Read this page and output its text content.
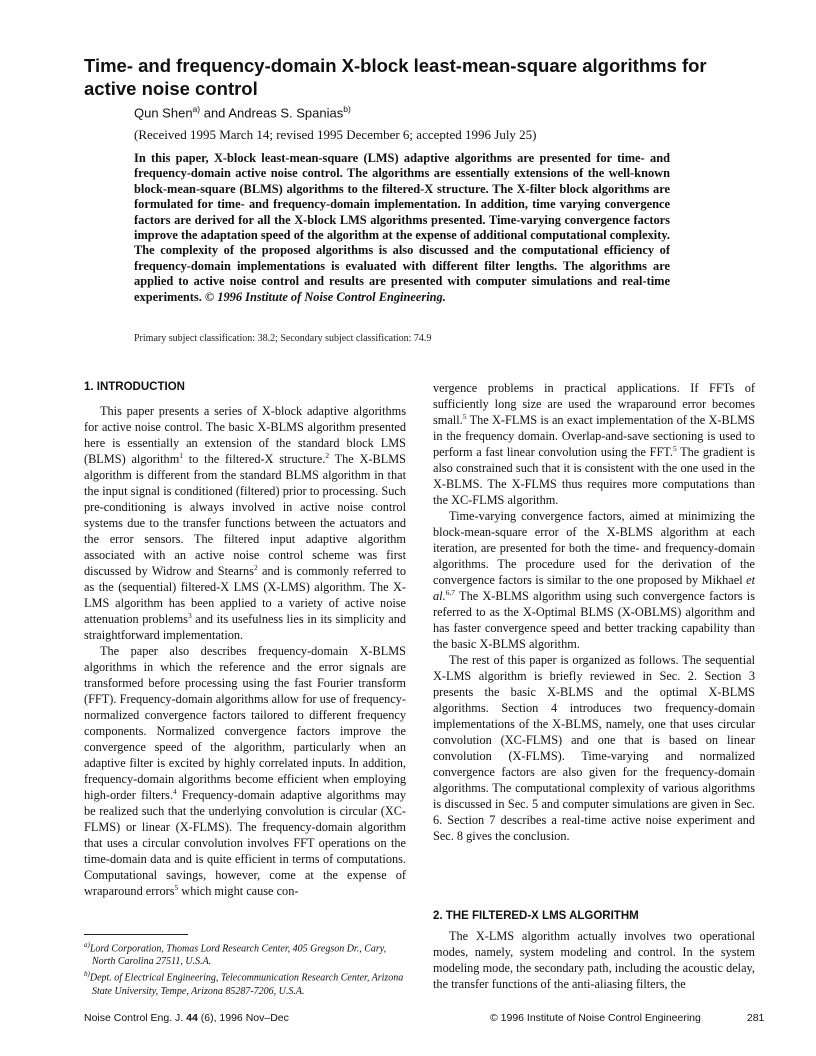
Time- and frequency-domain X-block least-mean-square algorithms for active noise control
Qun Shen$^{a)}$ and Andreas S. Spanias$^{b)}$
(Received 1995 March 14; revised 1995 December 6; accepted 1996 July 25)

In this paper, X-block least-mean-square (LMS) adaptive algorithms are presented for time- and frequency-domain active noise control. The algorithms are essentially extensions of the well-known block-mean-square (BLMS) algorithms to the filtered-X structure. The X-filter block algorithms are formulated for time- and frequency-domain implementation. In addition, time varying convergence factors are derived for all the X-block LMS algorithms presented. Time-varying convergence factors improve the adaptation speed of the algorithm at the expense of additional computational complexity. The complexity of the proposed algorithms is also discussed and the computational efficiency of frequency-domain implementations is evaluated with different filter lengths. The algorithms are applied to active noise control and results are presented with computer simulations and real-time experiments. © 1996 Institute of Noise Control Engineering.

Primary subject classification: 38.2; Secondary subject classification: 74.9
1. INTRODUCTION

This paper presents a series of X-block adaptive algorithms for active noise control. The basic X-BLMS algorithm presented here is essentially an extension of the standard block LMS (BLMS) algorithm$^1$ to the filtered-X structure.$^2$ The X-BLMS algorithm is different from the standard BLMS algorithm in that the input signal is conditioned (filtered) prior to processing. Such pre-conditioning is always involved in active noise control systems due to the transfer functions between the actuators and the error sensors. The filtered input adaptive algorithm associated with an active noise control scheme was first discussed by Widrow and Stearns$^2$ and is commonly referred to as the (sequential) filtered-X LMS (X-LMS) algorithm. The X-LMS algorithm has been applied to a variety of active noise attenuation problems$^3$ and its usefulness lies in its simplicity and straightforward implementation.

The paper also describes frequency-domain X-BLMS algorithms in which the reference and the error signals are transformed before processing using the fast Fourier transform (FFT). Frequency-domain algorithms allow for use of frequency-normalized convergence factors tailored to different frequency components. Normalized convergence factors improve the convergence speed of the algorithm, particularly when an adaptive filter is excited by highly correlated inputs. In addition, frequency-domain algorithms become efficient when employing high-order filters.$^4$ Frequency-domain adaptive algorithms may be realized such that the underlying convolution is circular (XC-FLMS) or linear (X-FLMS). The frequency-domain algorithm that uses a circular convolution involves FFT operations on the time-domain data and is quite efficient in terms of computations. Computational savings, however, come at the expense of wraparound errors$^5$ which might cause con-

vergence problems in practical applications. If FFTs of sufficiently long size are used the wraparound error becomes small.$^5$ The X-FLMS is an exact implementation of the X-BLMS in the frequency domain. Overlap-and-save sectioning is used to perform a fast linear convolution using the FFT.$^5$ The gradient is also constrained such that it is consistent with the one used in the X-BLMS. The X-FLMS thus requires more computations than the XC-FLMS algorithm.

Time-varying convergence factors, aimed at minimizing the block-mean-square error of the X-BLMS algorithm at each iteration, are presented for both the time- and frequency-domain algorithms. The procedure used for the derivation of the convergence factors is similar to the one proposed by Mikhael et al.$^{6,7}$ The X-BLMS algorithm using such convergence factors is referred to as the X-Optimal BLMS (X-OBLMS) algorithm and has faster convergence speed and better tracking capability than the basic X-BLMS algorithm.

The rest of this paper is organized as follows. The sequential X-LMS algorithm is briefly reviewed in Sec. 2. Section 3 presents the basic X-BLMS and the optimal X-BLMS algorithms. Section 4 introduces two frequency-domain implementations of the X-BLMS, namely, one that uses circular convolution (XC-FLMS) and one that is based on linear convolution (X-FLMS). Time-varying and normalized convergence factors are also given for the frequency-domain algorithms. The computational complexity of various algorithms is discussed in Sec. 5 and computer simulations are given in Sec. 6. Section 7 describes a real-time active noise experiment and Sec. 8 gives the conclusion.

2. THE FILTERED-X LMS ALGORITHM

The X-LMS algorithm actually involves two operational modes, namely, system modeling and control. In the system modeling mode, the secondary path, including the acoustic delay, the transfer functions of the anti-aliasing filters, the

$^{a)}$Lord Corporation, Thomas Lord Research Center, 405 Gregson Dr., Cary, North Carolina 27511, U.S.A.

$^{b)}$Dept. of Electrical Engineering, Telecommunication Research Center, Arizona State University, Tempe, Arizona 85287-7206, U.S.A.

Noise Control Eng. J. 44 (6), 1996 Nov–Dec	© 1996 Institute of Noise Control Engineering	281
